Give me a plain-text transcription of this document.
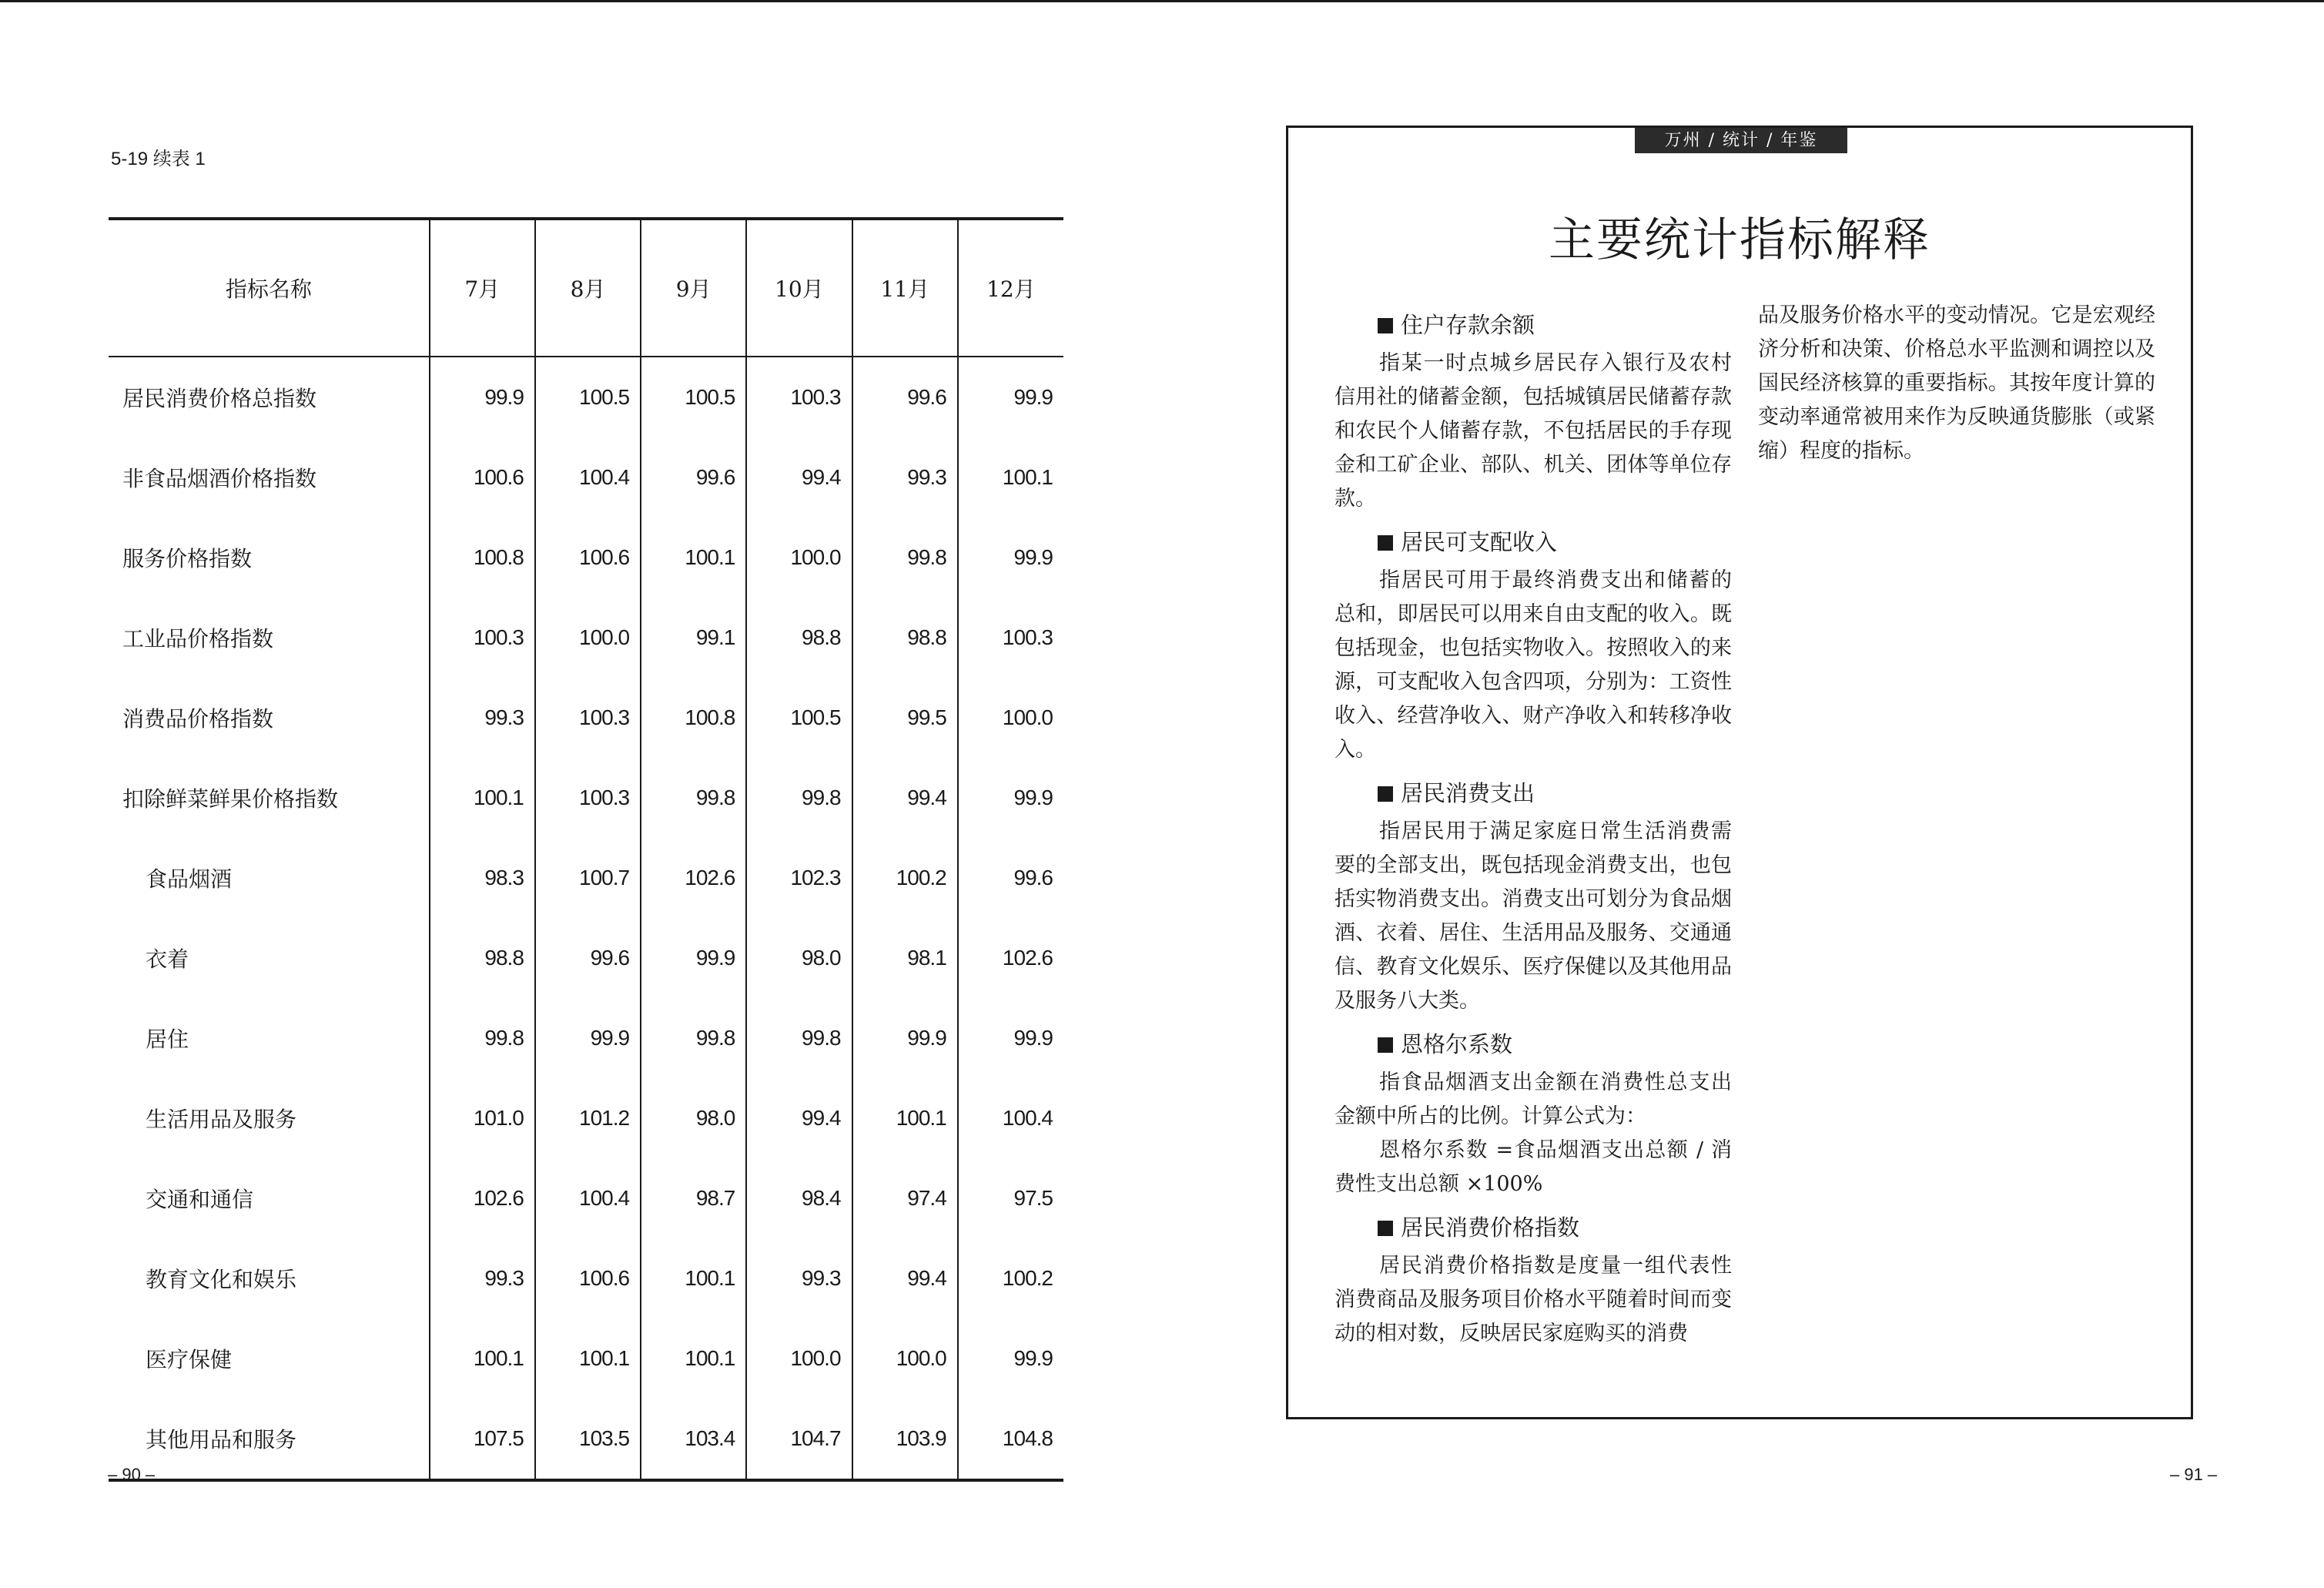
5-19 续表 1
指标名称	7月	8月	9月	10月	11月	12月
居民消费价格总指数	99.9	100.5	100.5	100.3	99.6	99.9
非食品烟酒价格指数	100.6	100.4	99.6	99.4	99.3	100.1
服务价格指数	100.8	100.6	100.1	100.0	99.8	99.9
工业品价格指数	100.3	100.0	99.1	98.8	98.8	100.3
消费品价格指数	99.3	100.3	100.8	100.5	99.5	100.0
扣除鲜菜鲜果价格指数	100.1	100.3	99.8	99.8	99.4	99.9
食品烟酒	98.3	100.7	102.6	102.3	100.2	99.6
衣着	98.8	99.6	99.9	98.0	98.1	102.6
居住	99.8	99.9	99.8	99.8	99.9	99.9
生活用品及服务	101.0	101.2	98.0	99.4	100.1	100.4
交通和通信	102.6	100.4	98.7	98.4	97.4	97.5
教育文化和娱乐	99.3	100.6	100.1	99.3	99.4	100.2
医疗保健	100.1	100.1	100.1	100.0	100.0	99.9
其他用品和服务	107.5	103.5	103.4	104.7	103.9	104.8
– 90 –
万州 / 统计 / 年鉴
主要统计指标解释
住户存款余额

指某一时点城乡居民存入银行及农村信用社的储蓄金额，包括城镇居民储蓄存款和农民个人储蓄存款，不包括居民的手存现金和工矿企业、部队、机关、团体等单位存款。

居民可支配收入

指居民可用于最终消费支出和储蓄的总和，即居民可以用来自由支配的收入。既包括现金，也包括实物收入。按照收入的来源，可支配收入包含四项，分别为：工资性收入、经营净收入、财产净收入和转移净收入。

居民消费支出

指居民用于满足家庭日常生活消费需要的全部支出，既包括现金消费支出，也包括实物消费支出。消费支出可划分为食品烟酒、衣着、居住、生活用品及服务、交通通信、教育文化娱乐、医疗保健以及其他用品及服务八大类。

恩格尔系数

指食品烟酒支出金额在消费性总支出金额中所占的比例。计算公式为：

恩格尔系数 =食品烟酒支出总额 / 消费性支出总额 ×100%

居民消费价格指数

居民消费价格指数是度量一组代表性消费商品及服务项目价格水平随着时间而变动的相对数，反映居民家庭购买的消费

品及服务价格水平的变动情况。它是宏观经济分析和决策、价格总水平监测和调控以及国民经济核算的重要指标。其按年度计算的变动率通常被用来作为反映通货膨胀（或紧缩）程度的指标。

– 91 –
